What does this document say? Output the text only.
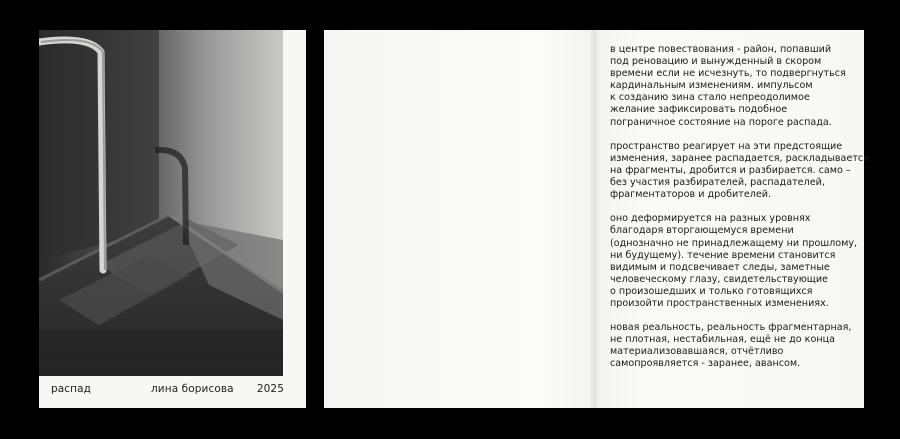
распад	лина борисова 2025

в центре повествования - район, попавший
под реновацию и вынужденный в скором
времени если не исчезнуть, то подвергнуться
кардинальным изменениям. импульсом
к созданию зина стало непреодолимое
желание зафиксировать подобное
пограничное состояние на пороге распада.

пространство реагирует на эти предстоящие
изменения, заранее распадается, раскладывается
на фрагменты, дробится и разбирается. само –
без участия разбирателей, распадателей,
фрагментаторов и дробителей.

оно деформируется на разных уровнях
благодаря вторгающемуся времени
(однозначно не принадлежащему ни прошлому,
ни будущему). течение времени становится
видимым и подсвечивает следы, заметные
человеческому глазу, свидетельствующие
о произошедших и только готовящихся
произойти пространственных изменениях.

новая реальность, реальность фрагментарная,
не плотная, нестабильная, ещё не до конца
материализовавшаяся, отчётливо
самопроявляется - заранее, авансом.
